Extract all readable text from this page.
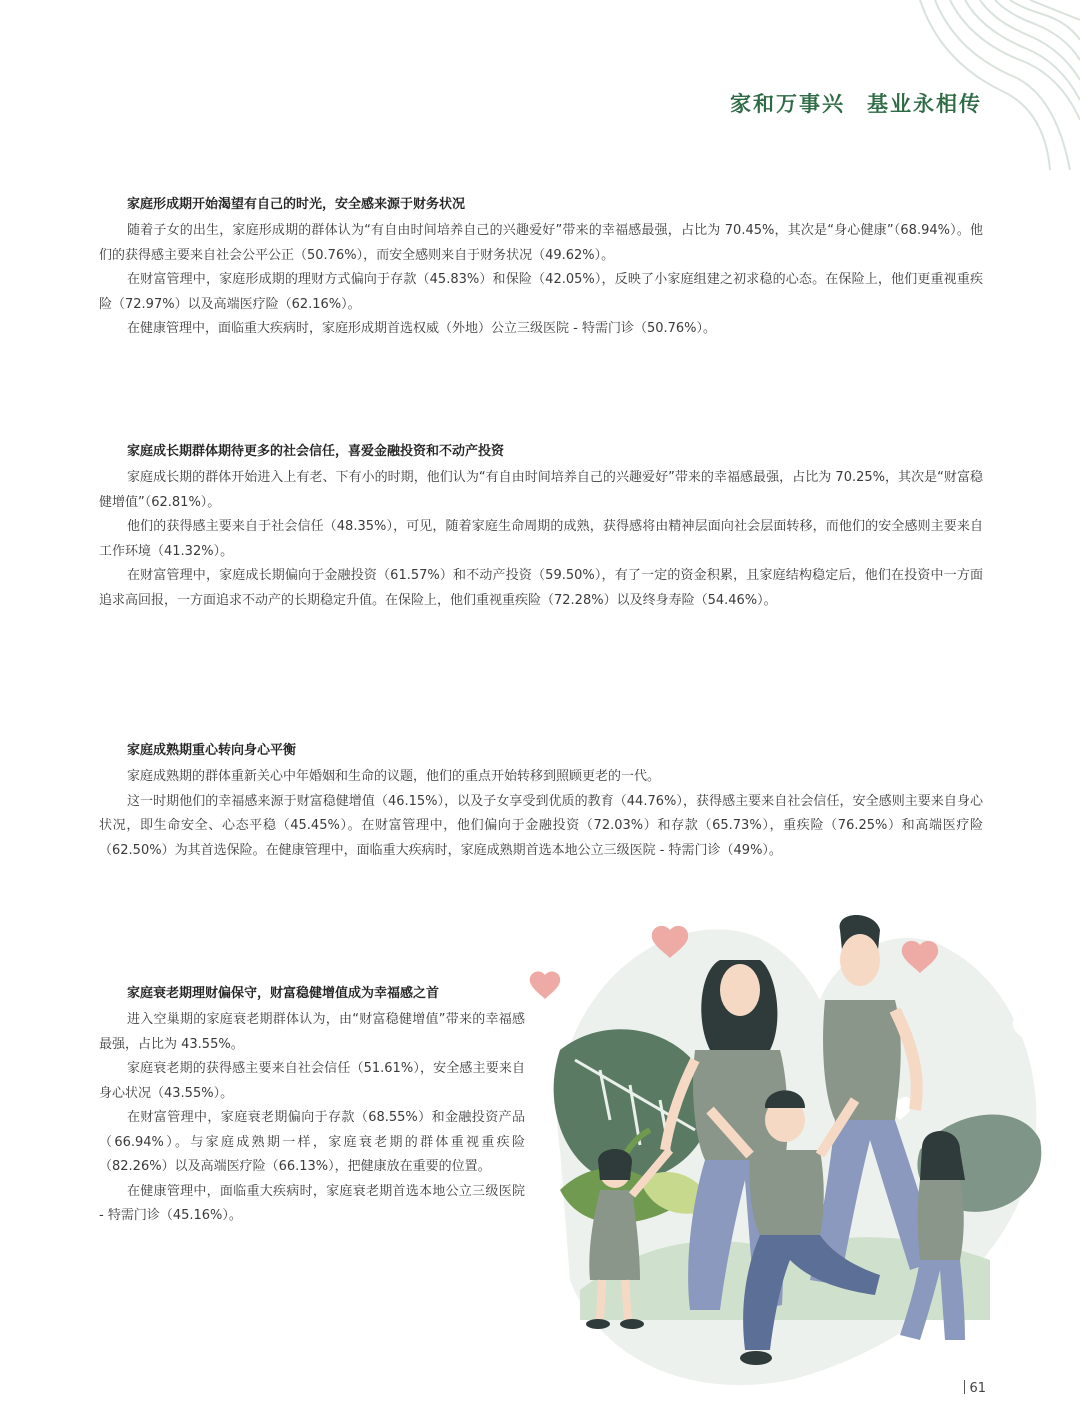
家和万事兴 基业永相传

家庭形成期开始渴望有自己的时光，安全感来源于财务状况

随着子女的出生，家庭形成期的群体认为“有自由时间培养自己的兴趣爱好”带来的幸福感最强，占比为 70.45%，其次是“身心健康”（68.94%）。他们的获得感主要来自社会公平公正（50.76%），而安全感则来自于财务状况（49.62%）。

在财富管理中，家庭形成期的理财方式偏向于存款（45.83%）和保险（42.05%），反映了小家庭组建之初求稳的心态。在保险上，他们更重视重疾险（72.97%）以及高端医疗险（62.16%）。

在健康管理中，面临重大疾病时，家庭形成期首选权威（外地）公立三级医院 - 特需门诊（50.76%）。

家庭成长期群体期待更多的社会信任，喜爱金融投资和不动产投资

家庭成长期的群体开始进入上有老、下有小的时期，他们认为“有自由时间培养自己的兴趣爱好”带来的幸福感最强，占比为 70.25%，其次是“财富稳健增值”（62.81%）。

他们的获得感主要来自于社会信任（48.35%），可见，随着家庭生命周期的成熟，获得感将由精神层面向社会层面转移，而他们的安全感则主要来自工作环境（41.32%）。

在财富管理中，家庭成长期偏向于金融投资（61.57%）和不动产投资（59.50%），有了一定的资金积累，且家庭结构稳定后，他们在投资中一方面追求高回报，一方面追求不动产的长期稳定升值。在保险上，他们重视重疾险（72.28%）以及终身寿险（54.46%）。

家庭成熟期重心转向身心平衡

家庭成熟期的群体重新关心中年婚姻和生命的议题，他们的重点开始转移到照顾更老的一代。

这一时期他们的幸福感来源于财富稳健增值（46.15%），以及子女享受到优质的教育（44.76%），获得感主要来自社会信任，安全感则主要来自身心状况，即生命安全、心态平稳（45.45%）。在财富管理中，他们偏向于金融投资（72.03%）和存款（65.73%），重疾险（76.25%）和高端医疗险（62.50%）为其首选保险。在健康管理中，面临重大疾病时，家庭成熟期首选本地公立三级医院 - 特需门诊（49%）。

家庭衰老期理财偏保守，财富稳健增值成为幸福感之首

进入空巢期的家庭衰老期群体认为，由“财富稳健增值”带来的幸福感最强，占比为 43.55%。

家庭衰老期的获得感主要来自社会信任（51.61%），安全感主要来自身心状况（43.55%）。

在财富管理中，家庭衰老期偏向于存款（68.55%）和金融投资产品（66.94%）。与家庭成熟期一样，家庭衰老期的群体重视重疾险（82.26%）以及高端医疗险（66.13%），把健康放在重要的位置。

在健康管理中，面临重大疾病时，家庭衰老期首选本地公立三级医院 - 特需门诊（45.16%）。

61
